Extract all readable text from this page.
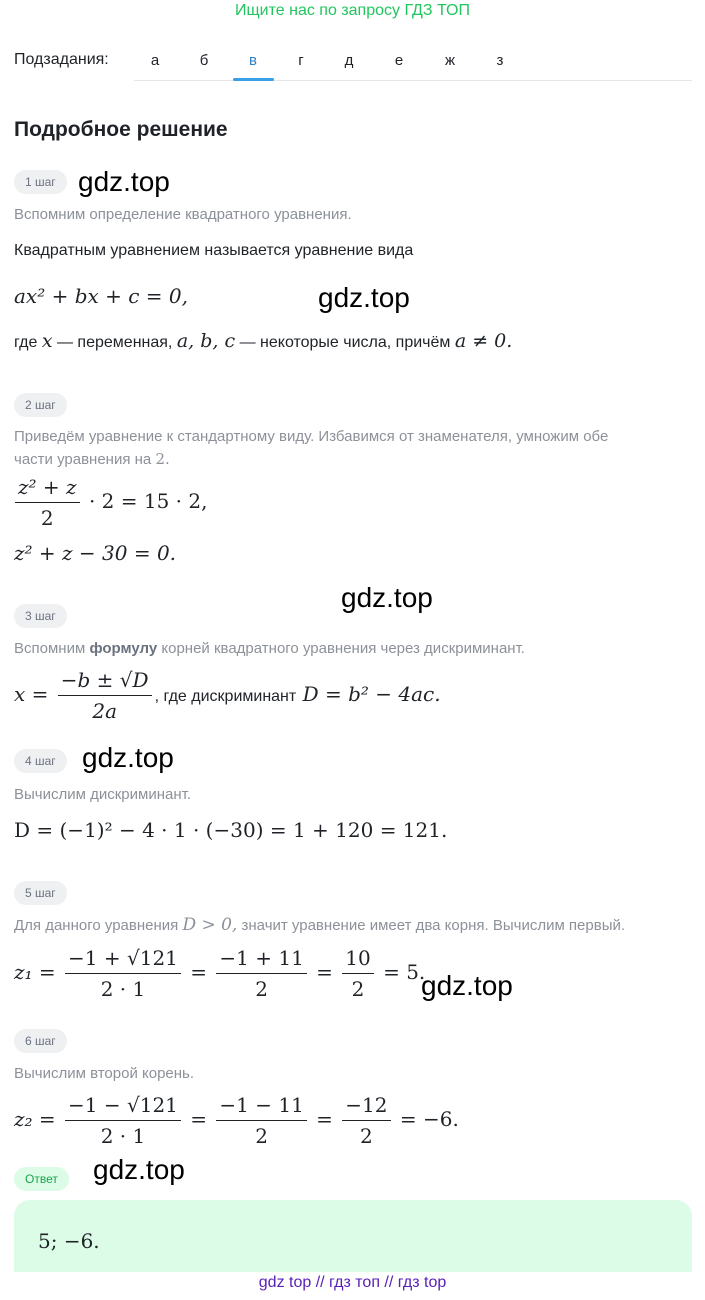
Ищите нас по запросу ГДЗ ТОП
Подзадания:	а	б	в	г	д	е	ж	з
Подробное решение
1 шаг gdz.top
Вспомним определение квадратного уравнения.
Квадратным уравнением называется уравнение вида
ax² + bx + c = 0,	gdz.top
где x — переменная, a, b, c — некоторые числа, причём a ≠ 0.
2 шаг
Приведём уравнение к стандартному виду. Избавимся от знаменателя, умножим обе
части уравнения на 2.
$\frac{\text{z² + z}}{2} \cdot 2 = 15 \cdot 2$,
z² + z − 30 = 0.
gdz.top
3 шаг
Вспомним формулу корней квадратного уравнения через дискриминант.
$x = \frac{-b \pm √D}{2a}$ , где дискриминант D = b² − 4ac.
4 шаг gdz.top
Вычислим дискриминант.
D = (−1)² − 4 · 1 · (−30) = 1 + 120 = 121.
5 шаг
Для данного уравнения D > 0, значит уравнение имеет два корня. Вычислим первый.
$z_1 = \frac{-1 + √121}{2 \cdot 1} = \frac{-1 + 11}{2} = \frac{10}{2} = 5$.
gdz.top
6 шаг
Вычислим второй корень.
$z_2 = \frac{-1 - √121}{2 \cdot 1} = \frac{-1 - 11}{2} = \frac{-12}{2} = -6$.
Ответ	gdz.top
5; −6.
gdz top // гдз топ // гдз top
